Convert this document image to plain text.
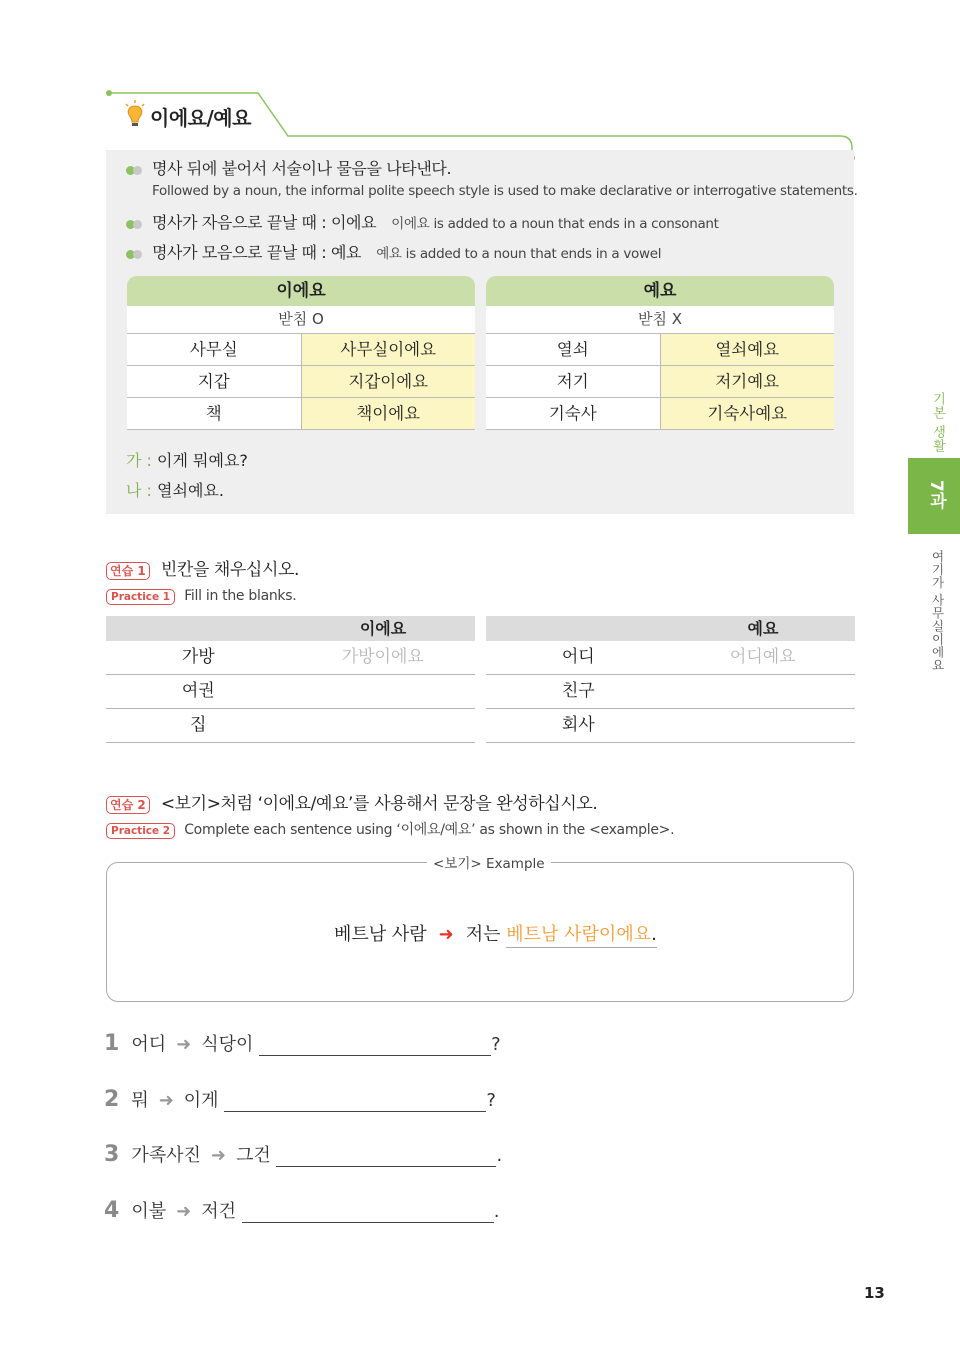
이에요/예요
명사 뒤에 붙어서 서술이나 물음을 나타낸다.
Followed by a noun, the informal polite speech style is used to make declarative or interrogative statements.
명사가 자음으로 끝날 때 : 이에요 이에요 is added to a noun that ends in a consonant
명사가 모음으로 끝날 때 : 예요 예요 is added to a noun that ends in a vowel
이에요
받침 O
사무실	사무실이에요
지갑	지갑이에요
책	책이에요
예요
받침 X
열쇠	열쇠예요
저기	저기예요
기숙사	기숙사예요
가 : 이게 뭐예요?
나 : 열쇠예요.
연습 1 빈칸을 채우십시오.
Practice 1 Fill in the blanks.
이에요
가방	가방이에요
여권
집
예요
어디	어디예요
친구
회사
연습 2 <보기>처럼 ‘이에요/예요’를 사용해서 문장을 완성하십시오.
Practice 2 Complete each sentence using ‘이에요/예요’ as shown in the <example>.
<보기> Example
베트남 사람 ➜ 저는 베트남 사람이에요.
1 어디 ➜ 식당이	?
2 뭐 ➜ 이게	?
3 가족사진 ➜ 그건	.
4 이불 ➜ 저건	.
기본 생활
7과
여기가 사무실이에요
13
